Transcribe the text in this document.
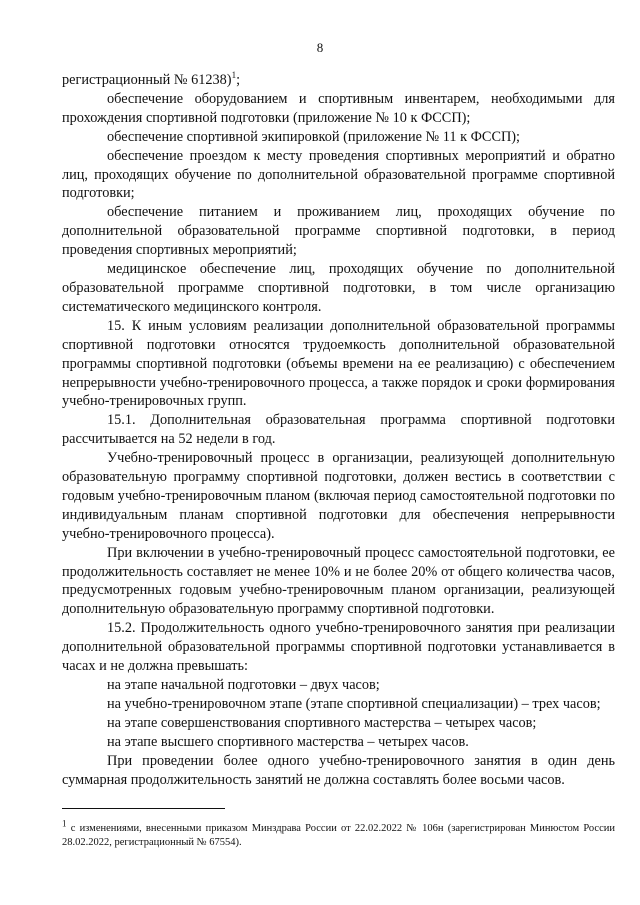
8

регистрационный № 61238)$^1$;

обеспечение оборудованием и спортивным инвентарем, необходимыми для прохождения спортивной подготовки (приложение № 10 к ФССП);

обеспечение спортивной экипировкой (приложение № 11 к ФССП);

обеспечение проездом к месту проведения спортивных мероприятий и обратно лиц, проходящих обучение по дополнительной образовательной программе спортивной подготовки;

обеспечение питанием и проживанием лиц, проходящих обучение по дополнительной образовательной программе спортивной подготовки, в период проведения спортивных мероприятий;

медицинское обеспечение лиц, проходящих обучение по дополнительной образовательной программе спортивной подготовки, в том числе организацию систематического медицинского контроля.

15. К иным условиям реализации дополнительной образовательной программы спортивной подготовки относятся трудоемкость дополнительной образовательной программы спортивной подготовки (объемы времени на ее реализацию) с обеспечением непрерывности учебно-тренировочного процесса, а также порядок и сроки формирования учебно-тренировочных групп.

15.1. Дополнительная образовательная программа спортивной подготовки рассчитывается на 52 недели в год.

Учебно-тренировочный процесс в организации, реализующей дополнительную образовательную программу спортивной подготовки, должен вестись в соответствии с годовым учебно-тренировочным планом (включая период самостоятельной подготовки по индивидуальным планам спортивной подготовки для обеспечения непрерывности учебно-тренировочного процесса).

При включении в учебно-тренировочный процесс самостоятельной подготовки, ее продолжительность составляет не менее 10% и не более 20% от общего количества часов, предусмотренных годовым учебно-тренировочным планом организации, реализующей дополнительную образовательную программу спортивной подготовки.

15.2. Продолжительность одного учебно-тренировочного занятия при реализации дополнительной образовательной программы спортивной подготовки устанавливается в часах и не должна превышать:

на этапе начальной подготовки – двух часов;

на учебно-тренировочном этапе (этапе спортивной специализации) – трех часов;

на этапе совершенствования спортивного мастерства – четырех часов;

на этапе высшего спортивного мастерства – четырех часов.

При проведении более одного учебно-тренировочного занятия в один день суммарная продолжительность занятий не должна составлять более восьми часов.

$^1$ с изменениями, внесенными приказом Минздрава России от 22.02.2022 № 106н (зарегистрирован Минюстом России 28.02.2022, регистрационный № 67554).
